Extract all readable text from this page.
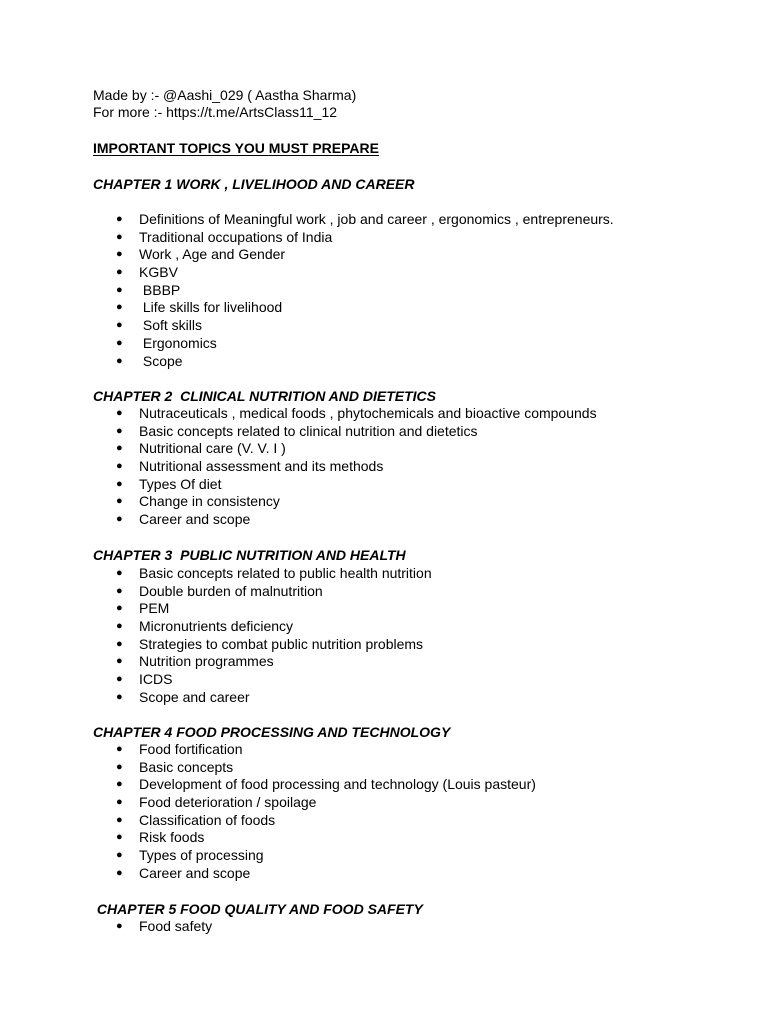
Made by :- @Aashi_029 ( Aastha Sharma)
For more :- https://t.me/ArtsClass11_12
IMPORTANT TOPICS YOU MUST PREPARE
CHAPTER 1 WORK , LIVELIHOOD AND CAREER
● Definitions of Meaningful work , job and career , ergonomics , entrepreneurs.
● Traditional occupations of India
● Work , Age and Gender
● KGBV
● BBBP
● Life skills for livelihood
● Soft skills
● Ergonomics
● Scope
CHAPTER 2  CLINICAL NUTRITION AND DIETETICS
● Nutraceuticals , medical foods , phytochemicals and bioactive compounds
● Basic concepts related to clinical nutrition and dietetics
● Nutritional care (V. V. I )
● Nutritional assessment and its methods
● Types Of diet
● Change in consistency
● Career and scope
CHAPTER 3  PUBLIC NUTRITION AND HEALTH
● Basic concepts related to public health nutrition
● Double burden of malnutrition
● PEM
● Micronutrients deficiency
● Strategies to combat public nutrition problems
● Nutrition programmes
● ICDS
● Scope and career
CHAPTER 4 FOOD PROCESSING AND TECHNOLOGY
● Food fortification
● Basic concepts
● Development of food processing and technology (Louis pasteur)
● Food deterioration / spoilage
● Classification of foods
● Risk foods
● Types of processing
● Career and scope
CHAPTER 5 FOOD QUALITY AND FOOD SAFETY
● Food safety
